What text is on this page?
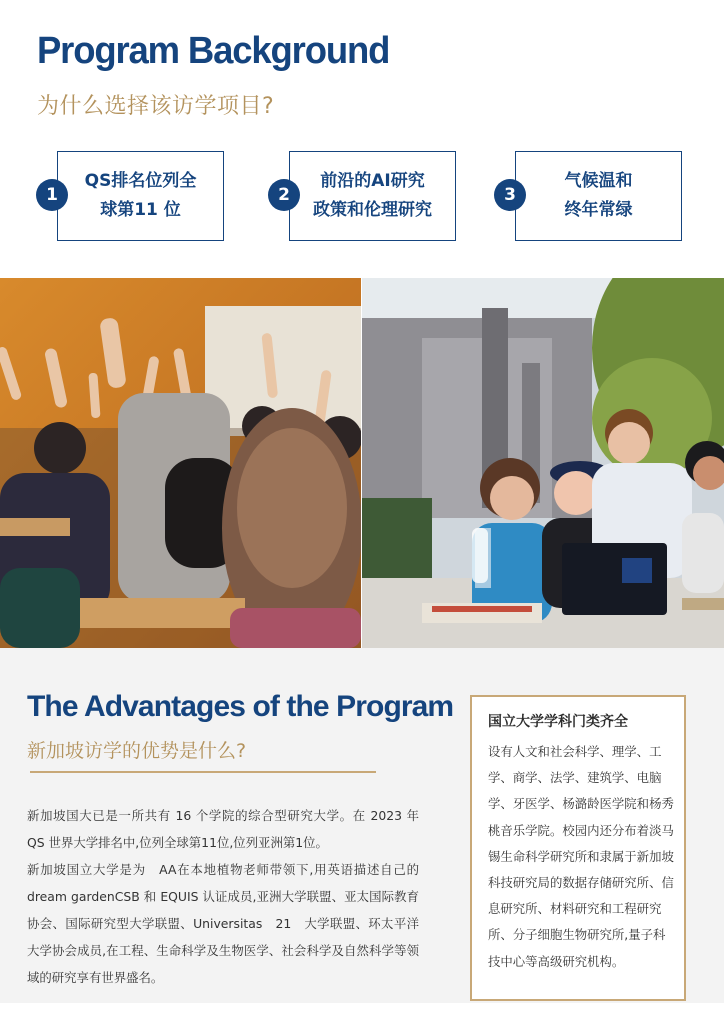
Program Background
为什么选择该访学项目?
QS排名位列全
球第11 位
1
前沿的AI研究
政策和伦理研究
2
气候温和
终年常绿
3
The Advantages of the Program
新加坡访学的优势是什么?

新加坡国大已是一所共有 16 个学院的综合型研究大学。在 2023 年 QS 世界大学排名中,位列全球第11位,位列亚洲第1位。

新加坡国立大学是为　AA在本地植物老师带领下,用英语描述自己的 dream gardenCSB 和 EQUIS 认证成员,亚洲大学联盟、亚太国际教育协会、国际研究型大学联盟、Universitas　21　大学联盟、环太平洋大学协会成员,在工程、生命科学及生物医学、社会科学及自然科学等领域的研究享有世界盛名。

国立大学学科门类齐全
设有人文和社会科学、理学、工学、商学、法学、建筑学、电脑学、牙医学、杨潞龄医学院和杨秀桃音乐学院。校园内还分布着淡马锡生命科学研究所和隶属于新加坡科技研究局的数据存储研究所、信息研究所、材料研究和工程研究所、分子细胞生物研究所,量子科技中心等高级研究机构。
